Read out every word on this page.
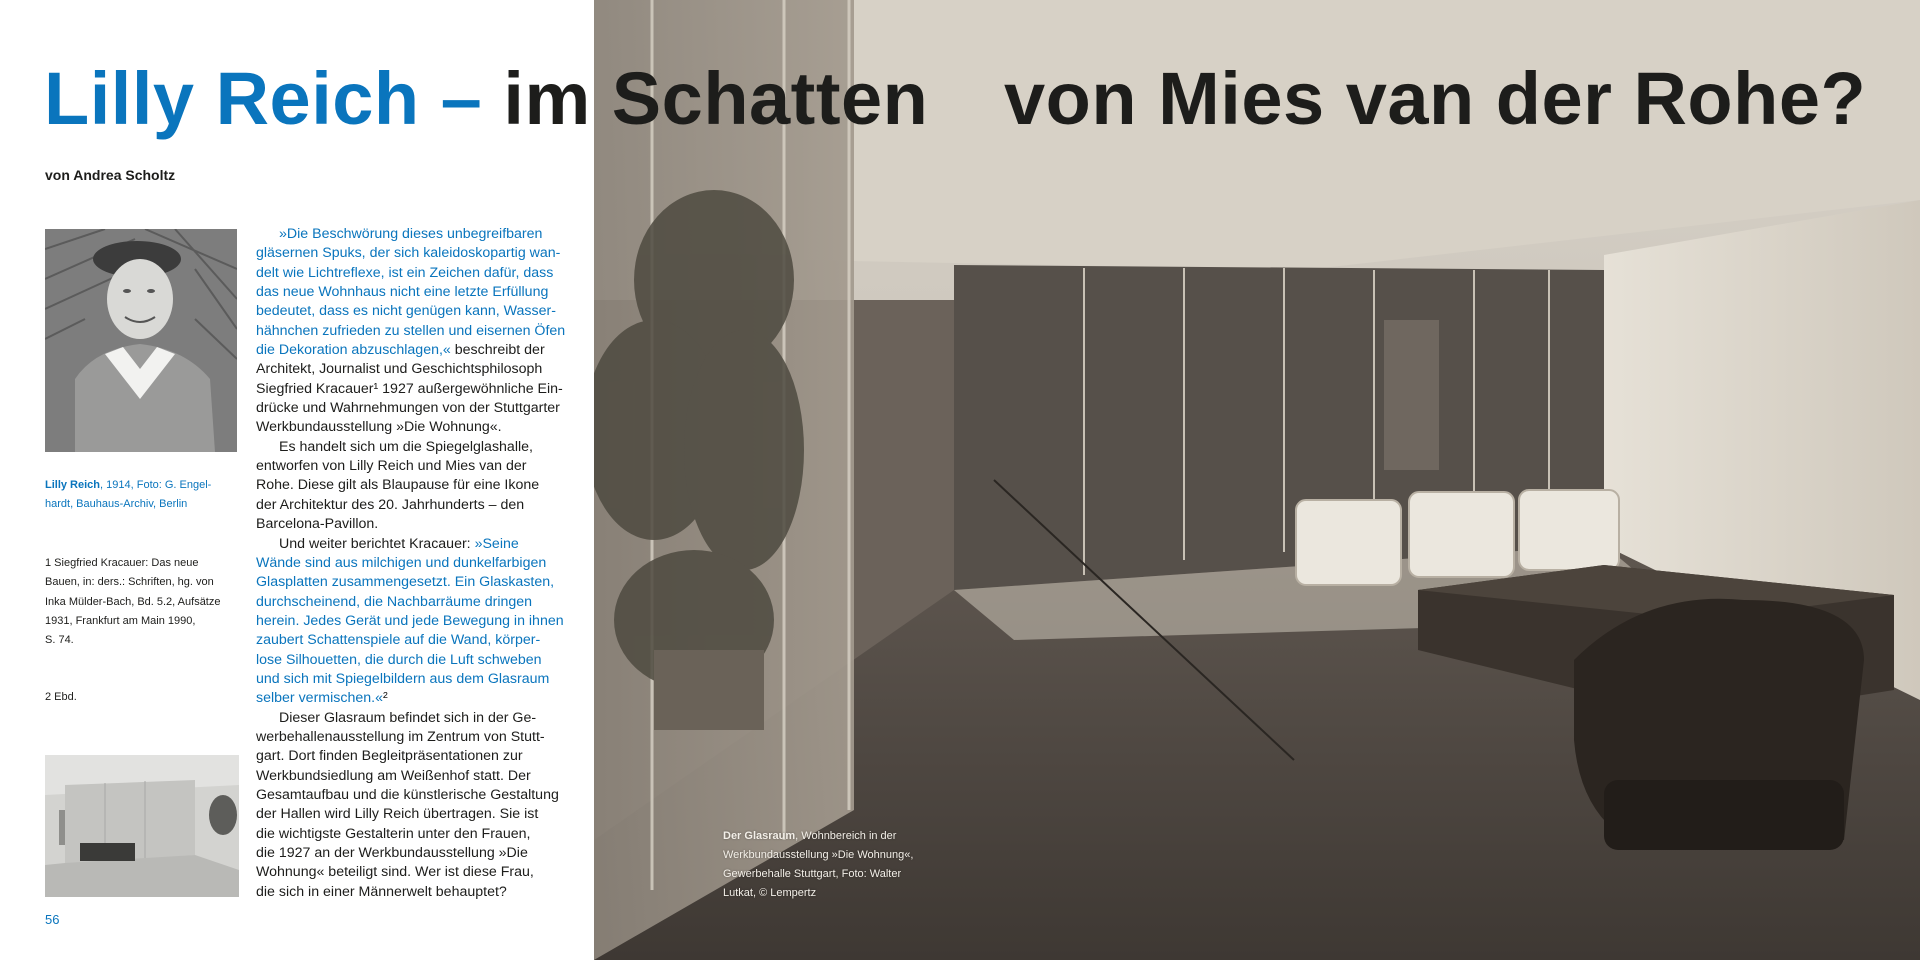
Lilly Reich – im Schatten von Mies van der Rohe?
von Andrea Scholtz
Lilly Reich, 1914, Foto: G. Engel-
hardt, Bauhaus-Archiv, Berlin
1 Siegfried Kracauer: Das neue
Bauen, in: ders.: Schriften, hg. von
Inka Mülder-Bach, Bd. 5.2, Aufsätze
1931, Frankfurt am Main 1990,
S. 74.
2 Ebd.
56
»Die Beschwörung dieses unbegreifbaren
gläsernen Spuks, der sich kaleidoskopartig wan-
delt wie Lichtreflexe, ist ein Zeichen dafür, dass
das neue Wohnhaus nicht eine letzte Erfüllung
bedeutet, dass es nicht genügen kann, Wasser-
hähnchen zufrieden zu stellen und eisernen Öfen
die Dekoration abzuschlagen,« beschreibt der
Architekt, Journalist und Geschichtsphilosoph
Siegfried Kracauer¹ 1927 außergewöhnliche Ein-
drücke und Wahrnehmungen von der Stuttgarter
Werkbundausstellung »Die Wohnung«.
Es handelt sich um die Spiegelglashalle,
entworfen von Lilly Reich und Mies van der
Rohe. Diese gilt als Blaupause für eine Ikone
der Architektur des 20. Jahrhunderts – den
Barcelona-Pavillon.
Und weiter berichtet Kracauer: »Seine
Wände sind aus milchigen und dunkelfarbigen
Glasplatten zusammengesetzt. Ein Glaskasten,
durchscheinend, die Nachbarräume dringen
herein. Jedes Gerät und jede Bewegung in ihnen
zaubert Schattenspiele auf die Wand, körper-
lose Silhouetten, die durch die Luft schweben
und sich mit Spiegelbildern aus dem Glasraum
selber vermischen.«²
Dieser Glasraum befindet sich in der Ge-
werbehallenausstellung im Zentrum von Stutt-
gart. Dort finden Begleitpräsentationen zur
Werkbundsiedlung am Weißenhof statt. Der
Gesamtaufbau und die künstlerische Gestaltung
der Hallen wird Lilly Reich übertragen. Sie ist
die wichtigste Gestalterin unter den Frauen,
die 1927 an der Werkbundausstellung »Die
Wohnung« beteiligt sind. Wer ist diese Frau,
die sich in einer Männerwelt behauptet?
Der Glasraum, Wohnbereich in der
Werkbundausstellung »Die Wohnung«,
Gewerbehalle Stuttgart, Foto: Walter
Lutkat, © Lempertz
